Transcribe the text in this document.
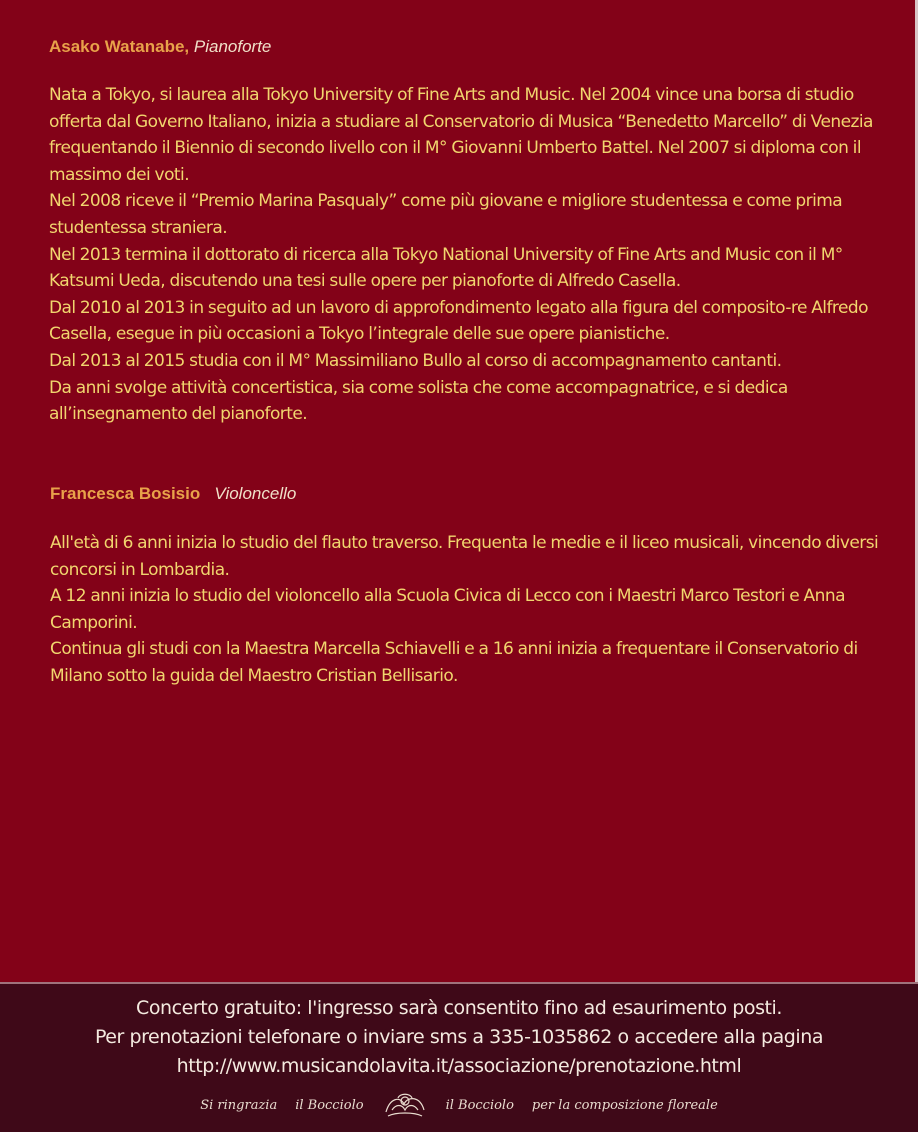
Asako Watanabe, Pianoforte

Nata a Tokyo, si laurea alla Tokyo University of Fine Arts and Music. Nel 2004 vince una borsa di studio offerta dal Governo Italiano, inizia a studiare al Conservatorio di Musica “Benedetto Marcello” di Venezia frequentando il Biennio di secondo livello con il M° Giovanni Umberto Battel. Nel 2007 si diploma con il massimo dei voti.

Nel 2008 riceve il “Premio Marina Pasqualy” come più giovane e migliore studentessa e come prima studentessa straniera.

Nel 2013 termina il dottorato di ricerca alla Tokyo National University of Fine Arts and Music con il M° Katsumi Ueda, discutendo una tesi sulle opere per pianoforte di Alfredo Casella.

Dal 2010 al 2013 in seguito ad un lavoro di approfondimento legato alla figura del composito-re Alfredo Casella, esegue in più occasioni a Tokyo l’integrale delle sue opere pianistiche.

Dal 2013 al 2015 studia con il M° Massimiliano Bullo al corso di accompagnamento cantanti.

Da anni svolge attività concertistica, sia come solista che come accompagnatrice, e si dedica all’insegnamento del pianoforte.

Francesca Bosisio Violoncello

All'età di 6 anni inizia lo studio del flauto traverso. Frequenta le medie e il liceo musicali, vincendo diversi concorsi in Lombardia.

A 12 anni inizia lo studio del violoncello alla Scuola Civica di Lecco con i Maestri Marco Testori e Anna Camporini.

Continua gli studi con la Maestra Marcella Schiavelli e a 16 anni inizia a frequentare il Conservatorio di Milano sotto la guida del Maestro Cristian Bellisario.

Concerto gratuito: l'ingresso sarà consentito fino ad esaurimento posti.
Per prenotazioni telefonare o inviare sms a 335-1035862 o accedere alla pagina
http://www.musicandolavita.it/associazione/prenotazione.html
Si ringrazia il Bocciolo	il Bocciolo per la composizione floreale
